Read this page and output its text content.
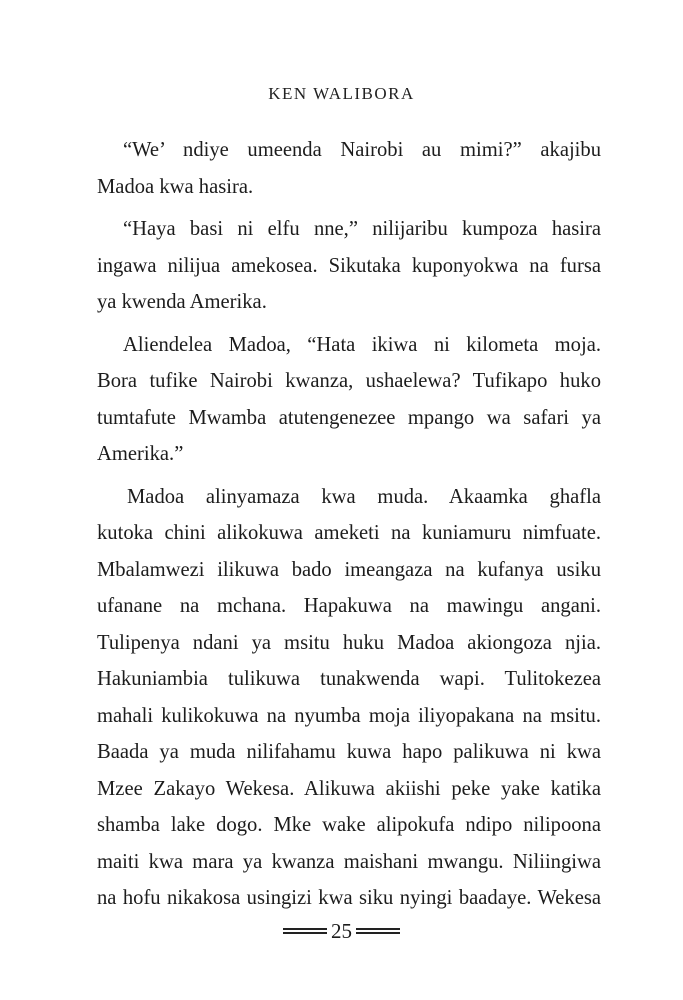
KEN WALIBORA
“We’ ndiye umeenda Nairobi au mimi?” akajibu
Madoa kwa hasira.
“Haya basi ni elfu nne,” nilijaribu kumpoza hasira
ingawa nilijua amekosea. Sikutaka kuponyokwa na fursa
ya kwenda Amerika.
Aliendelea Madoa, “Hata ikiwa ni kilometa moja.
Bora tufike Nairobi kwanza, ushaelewa? Tufikapo huko
tumtafute Mwamba atutengenezee mpango wa safari ya
Amerika.”
Madoa alinyamaza kwa muda. Akaamka ghafla
kutoka chini alikokuwa ameketi na kuniamuru nimfuate.
Mbalamwezi ilikuwa bado imeangaza na kufanya usiku
ufanane na mchana. Hapakuwa na mawingu angani.
Tulipenya ndani ya msitu huku Madoa akiongoza njia.
Hakuniambia tulikuwa tunakwenda wapi. Tulitokezea
mahali kulikokuwa na nyumba moja iliyopakana na msitu.
Baada ya muda nilifahamu kuwa hapo palikuwa ni kwa
Mzee Zakayo Wekesa. Alikuwa akiishi peke yake katika
shamba lake dogo. Mke wake alipokufa ndipo nilipoona
maiti kwa mara ya kwanza maishani mwangu. Niliingiwa
na hofu nikakosa usingizi kwa siku nyingi baadaye. Wekesa
25
